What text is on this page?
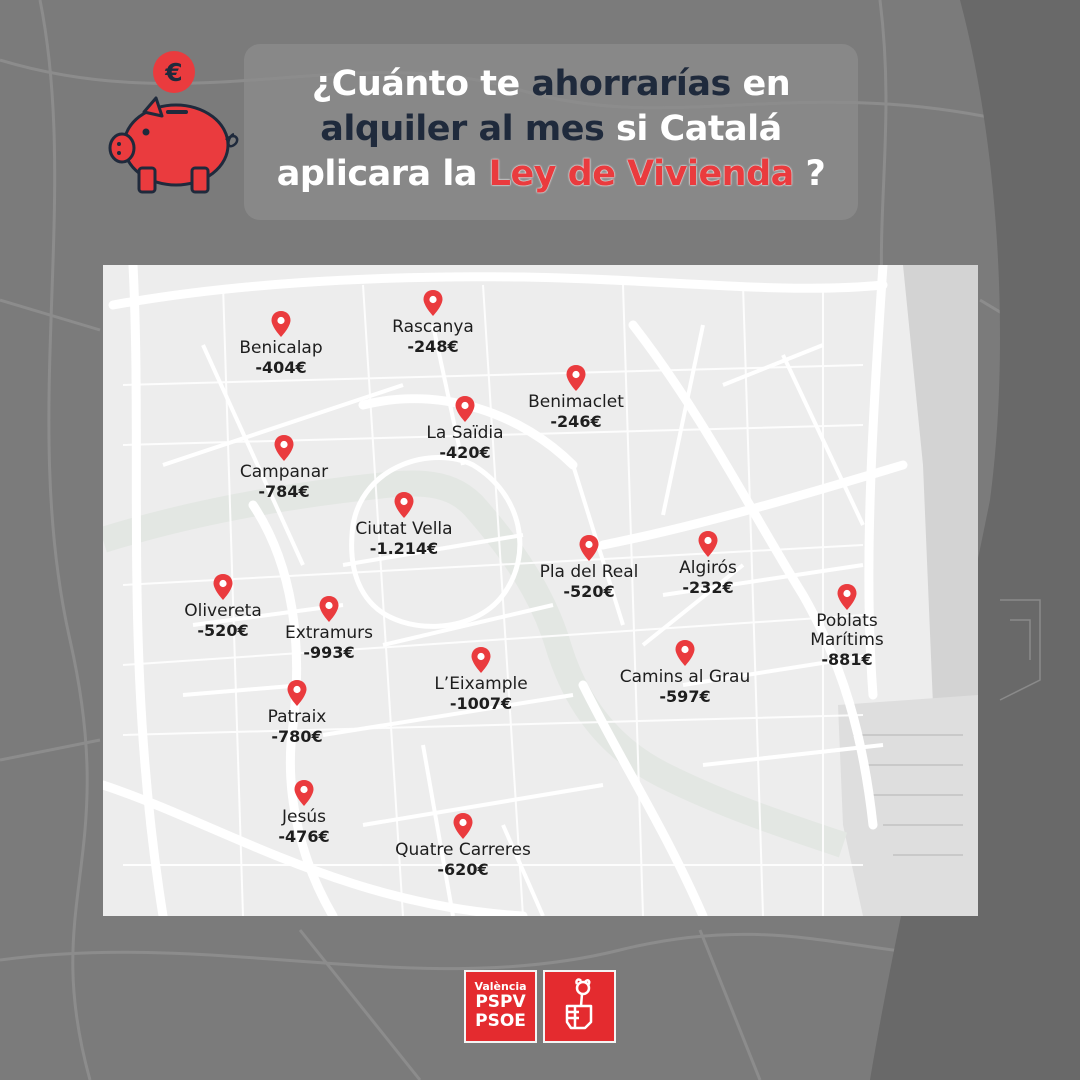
€	¿Cuánto te ahorrarías en
alquiler al mes si Catalá
aplicara la Ley de Vivienda ?
Benicalap
-404€
Rascanya
-248€
Benimaclet
-246€
La Saïdia
-420€
Campanar
-784€
Ciutat Vella
-1.214€
Pla del Real
-520€
Algirós
-232€
Olivereta
-520€	Extramurs
-993€
Poblats Marítims
-881€
L’Eixample
-1007€
Camins al Grau
-597€
Patraix
-780€
Jesús
-476€
Quatre Carreres
-620€
València
PSPV
PSOE
